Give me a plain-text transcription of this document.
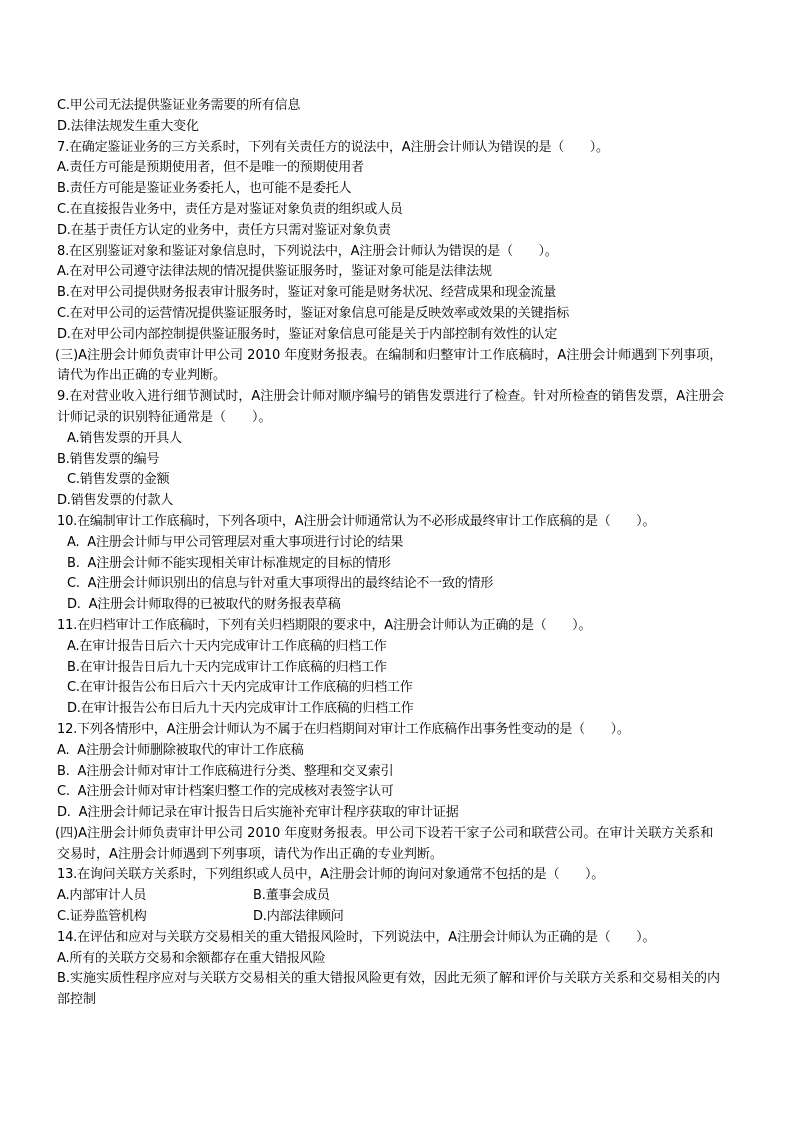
C.甲公司无法提供鉴证业务需要的所有信息
D.法律法规发生重大变化
7.在确定鉴证业务的三方关系时，下列有关责任方的说法中，A注册会计师认为错误的是（　　）。
A.责任方可能是预期使用者，但不是唯一的预期使用者
B.责任方可能是鉴证业务委托人，也可能不是委托人
C.在直接报告业务中，责任方是对鉴证对象负责的组织或人员
D.在基于责任方认定的业务中，责任方只需对鉴证对象负责
8.在区别鉴证对象和鉴证对象信息时，下列说法中，A注册会计师认为错误的是（　　）。
A.在对甲公司遵守法律法规的情况提供鉴证服务时，鉴证对象可能是法律法规
B.在对甲公司提供财务报表审计服务时，鉴证对象可能是财务状况、经营成果和现金流量
C.在对甲公司的运营情况提供鉴证服务时，鉴证对象信息可能是反映效率或效果的关键指标
D.在对甲公司内部控制提供鉴证服务时，鉴证对象信息可能是关于内部控制有效性的认定
(三)A注册会计师负责审计甲公司 2010 年度财务报表。在编制和归整审计工作底稿时，A注册会计师遇到下列事项，请代为作出正确的专业判断。
9.在对营业收入进行细节测试时，A注册会计师对顺序编号的销售发票进行了检查。针对所检查的销售发票，A注册会计师记录的识别特征通常是（　　）。
A.销售发票的开具人
B.销售发票的编号
C.销售发票的金额
D.销售发票的付款人
10.在编制审计工作底稿时，下列各项中，A注册会计师通常认为不必形成最终审计工作底稿的是（　　）。
A.  A注册会计师与甲公司管理层对重大事项进行讨论的结果
B.  A注册会计师不能实现相关审计标准规定的目标的情形
C.  A注册会计师识别出的信息与针对重大事项得出的最终结论不一致的情形
D.  A注册会计师取得的已被取代的财务报表草稿
11.在归档审计工作底稿时，下列有关归档期限的要求中，A注册会计师认为正确的是（　　）。
A.在审计报告日后六十天内完成审计工作底稿的归档工作
B.在审计报告日后九十天内完成审计工作底稿的归档工作
C.在审计报告公布日后六十天内完成审计工作底稿的归档工作
D.在审计报告公布日后九十天内完成审计工作底稿的归档工作
12.下列各情形中，A注册会计师认为不属于在归档期间对审计工作底稿作出事务性变动的是（　　）。
A.  A注册会计师删除被取代的审计工作底稿
B.  A注册会计师对审计工作底稿进行分类、整理和交叉索引
C.  A注册会计师对审计档案归整工作的完成核对表签字认可
D.  A注册会计师记录在审计报告日后实施补充审计程序获取的审计证据
(四)A注册会计师负责审计甲公司 2010 年度财务报表。甲公司下设若干家子公司和联营公司。在审计关联方关系和交易时，A注册会计师遇到下列事项，请代为作出正确的专业判断。
13.在询问关联方关系时，下列组织或人员中，A注册会计师的询问对象通常不包括的是（　　）。
A.内部审计人员	B.董事会成员
C.证券监管机构	D.内部法律顾问
14.在评估和应对与关联方交易相关的重大错报风险时，下列说法中，A注册会计师认为正确的是（　　）。
A.所有的关联方交易和余额都存在重大错报风险
B.实施实质性程序应对与关联方交易相关的重大错报风险更有效，因此无须了解和评价与关联方关系和交易相关的内部控制
